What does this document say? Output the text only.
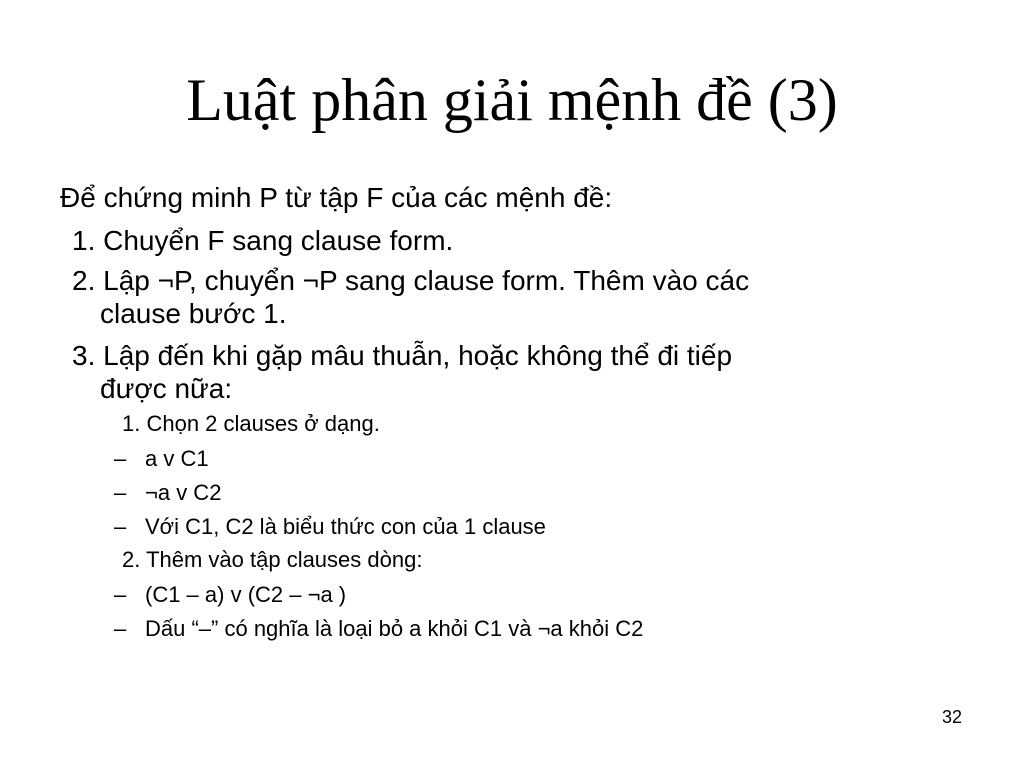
Luật phân giải mệnh đề (3)
Để chứng minh P từ tập F của các mệnh đề:
1. Chuyển F sang clause form.
2. Lập ¬P, chuyển ¬P sang clause form. Thêm vào các
clause bước 1.
3. Lập đến khi gặp mâu thuẫn, hoặc không thể đi tiếp
được nữa:
1. Chọn 2 clauses ở dạng.
– a v C1
– ¬a v C2
– Với C1, C2 là biểu thức con của 1 clause
2. Thêm vào tập clauses dòng:
– (C1 – a) v (C2 – ¬a )
– Dấu “–” có nghĩa là loại bỏ a khỏi C1 và ¬a khỏi C2
32
